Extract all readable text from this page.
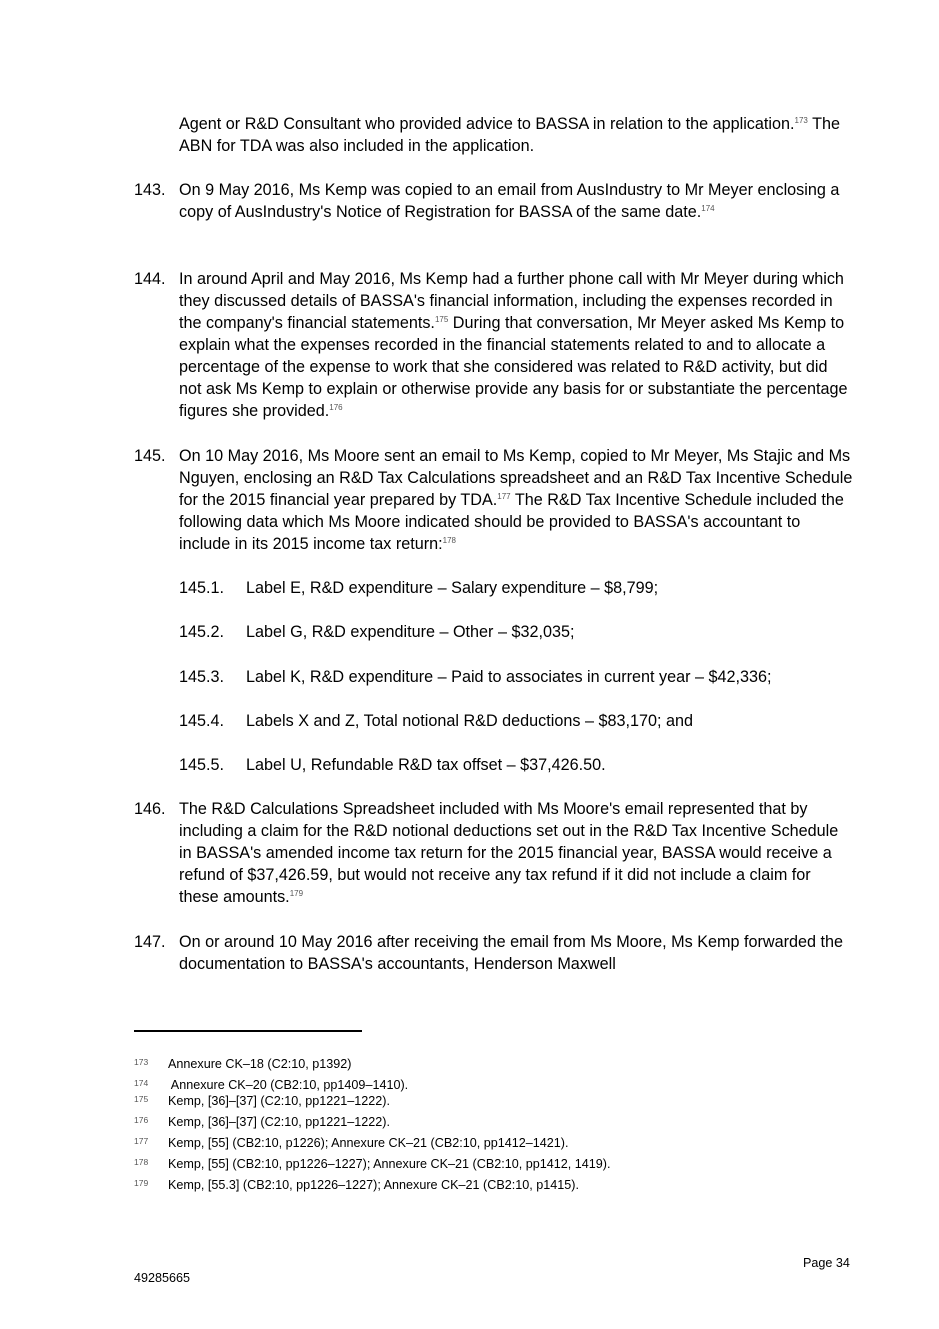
Agent or R&D Consultant who provided advice to BASSA in relation to the application.$^{173}$ The ABN for TDA was also included in the application.
143. On 9 May 2016, Ms Kemp was copied to an email from AusIndustry to Mr Meyer enclosing a copy of AusIndustry's Notice of Registration for BASSA of the same date.$^{174}$
144. In around April and May 2016, Ms Kemp had a further phone call with Mr Meyer during which they discussed details of BASSA's financial information, including the expenses recorded in the company's financial statements.$^{175}$ During that conversation, Mr Meyer asked Ms Kemp to explain what the expenses recorded in the financial statements related to and to allocate a percentage of the expense to work that she considered was related to R&D activity, but did not ask Ms Kemp to explain or otherwise provide any basis for or substantiate the percentage figures she provided.$^{176}$
145. On 10 May 2016, Ms Moore sent an email to Ms Kemp, copied to Mr Meyer, Ms Stajic and Ms Nguyen, enclosing an R&D Tax Calculations spreadsheet and an R&D Tax Incentive Schedule for the 2015 financial year prepared by TDA.$^{177}$ The R&D Tax Incentive Schedule included the following data which Ms Moore indicated should be provided to BASSA's accountant to include in its 2015 income tax return:$^{178}$
145.1. Label E, R&D expenditure – Salary expenditure – $8,799;
145.2. Label G, R&D expenditure – Other – $32,035;
145.3. Label K, R&D expenditure – Paid to associates in current year – $42,336;
145.4. Labels X and Z, Total notional R&D deductions – $83,170; and
145.5. Label U, Refundable R&D tax offset – $37,426.50.
146. The R&D Calculations Spreadsheet included with Ms Moore's email represented that by including a claim for the R&D notional deductions set out in the R&D Tax Incentive Schedule in BASSA's amended income tax return for the 2015 financial year, BASSA would receive a refund of $37,426.59, but would not receive any tax refund if it did not include a claim for these amounts.$^{179}$
147. On or around 10 May 2016 after receiving the email from Ms Moore, Ms Kemp forwarded the documentation to BASSA's accountants, Henderson Maxwell
173 Annexure CK–18 (C2:10, p1392)
174 Annexure CK–20 (CB2:10, pp1409–1410).
175 Kemp, [36]–[37] (C2:10, pp1221–1222).
176 Kemp, [36]–[37] (C2:10, pp1221–1222).
177 Kemp, [55] (CB2:10, p1226); Annexure CK–21 (CB2:10, pp1412–1421).
178 Kemp, [55] (CB2:10, pp1226–1227); Annexure CK–21 (CB2:10, pp1412, 1419).
179 Kemp, [55.3] (CB2:10, pp1226–1227); Annexure CK–21 (CB2:10, p1415).
Page 34
49285665
